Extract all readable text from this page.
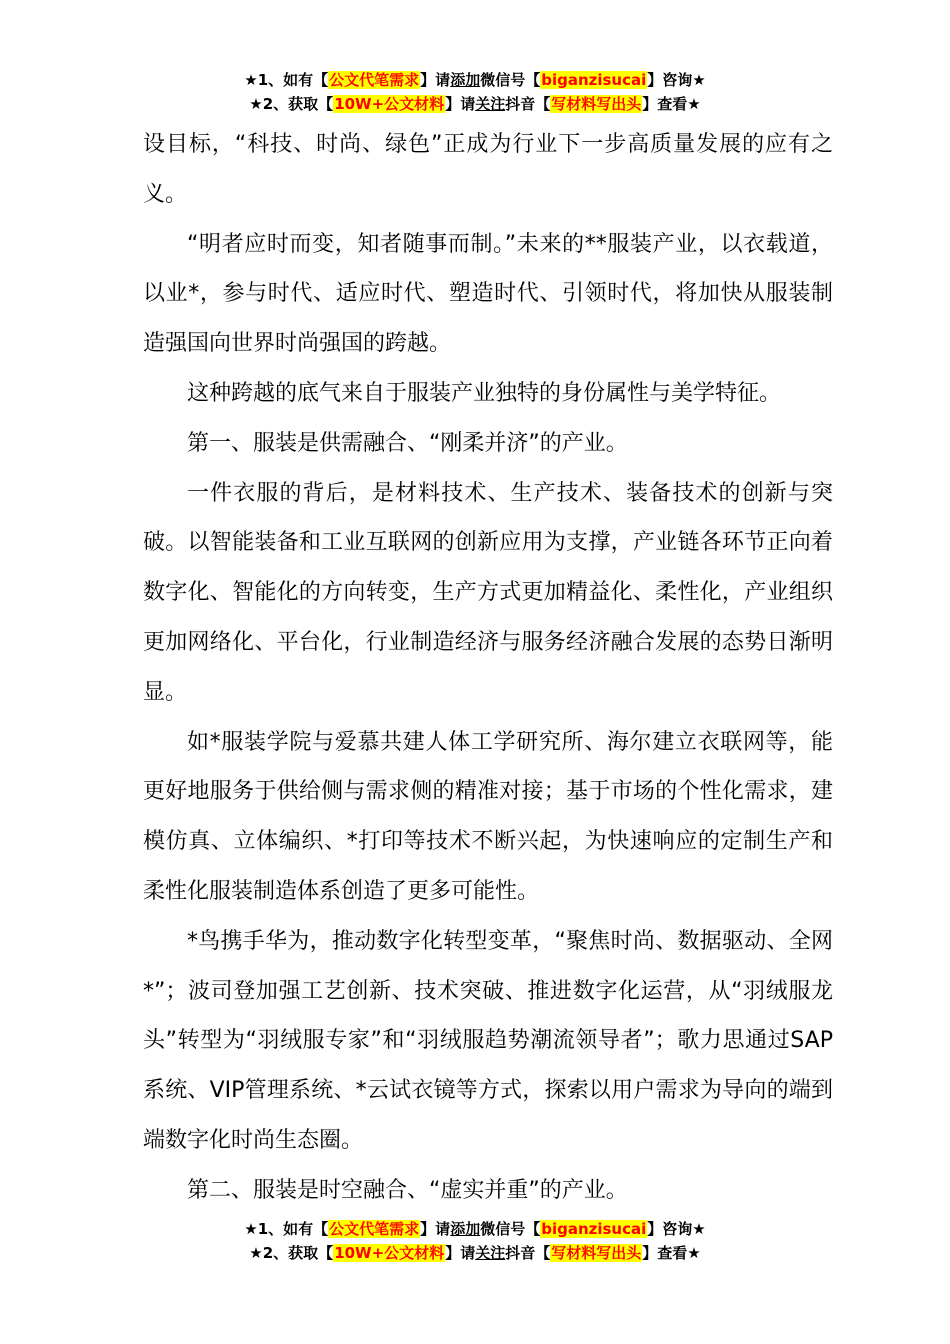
★1、如有【公文代笔需求】请添加微信号【biganzisucai】咨询★
★2、获取【10W+公文材料】请关注抖音【写材料写出头】查看★

设目标，“科技、时尚、绿色”正成为行业下一步高质量发展的应有之义。

“明者应时而变，知者随事而制。”未来的**服装产业，以衣载道，以业*，参与时代、适应时代、塑造时代、引领时代，将加快从服装制造强国向世界时尚强国的跨越。

这种跨越的底气来自于服装产业独特的身份属性与美学特征。

第一、服装是供需融合、“刚柔并济”的产业。

一件衣服的背后，是材料技术、生产技术、装备技术的创新与突破。以智能装备和工业互联网的创新应用为支撑，产业链各环节正向着数字化、智能化的方向转变，生产方式更加精益化、柔性化，产业组织更加网络化、平台化，行业制造经济与服务经济融合发展的态势日渐明显。

如*服装学院与爱慕共建人体工学研究所、海尔建立衣联网等，能更好地服务于供给侧与需求侧的精准对接；基于市场的个性化需求，建模仿真、立体编织、*打印等技术不断兴起，为快速响应的定制生产和柔性化服装制造体系创造了更多可能性。

*鸟携手华为，推动数字化转型变革，“聚焦时尚、数据驱动、全网*”；波司登加强工艺创新、技术突破、推进数字化运营，从“羽绒服龙头”转型为“羽绒服专家”和“羽绒服趋势潮流领导者”；歌力思通过SAP系统、VIP管理系统、*云试衣镜等方式，探索以用户需求为导向的端到端数字化时尚生态圈。

第二、服装是时空融合、“虚实并重”的产业。

★1、如有【公文代笔需求】请添加微信号【biganzisucai】咨询★
★2、获取【10W+公文材料】请关注抖音【写材料写出头】查看★
